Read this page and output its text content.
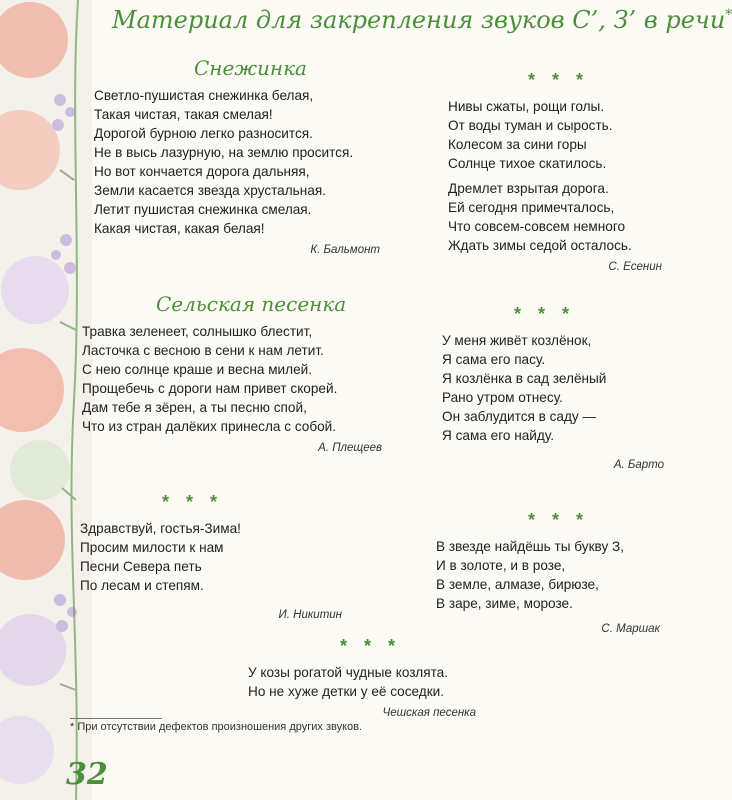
Материал для закрепления звуков С’, З’ в речи*
Снежинка
Светло-пушистая снежинка белая,
Такая чистая, такая смелая!
Дорогой бурною легко разносится.
Не в высь лазурную, на землю просится.
Но вот кончается дорога дальняя,
Земли касается звезда хрустальная.
Летит пушистая снежинка смелая.
Какая чистая, какая белая!
К. Бальмонт
* * *
Нивы сжаты, рощи голы.
От воды туман и сырость.
Колесом за сини горы
Солнце тихое скатилось.
Дремлет взрытая дорога.
Ей сегодня примечталось,
Что совсем-совсем немного
Ждать зимы седой осталось.
С. Есенин
Сельская песенка
Травка зеленеет, солнышко блестит,
Ласточка с весною в сени к нам летит.
С нею солнце краше и весна милей.
Прощебечь с дороги нам привет скорей.
Дам тебе я зёрен, а ты песню спой,
Что из стран далёких принесла с собой.
А. Плещеев
* * *
У меня живёт козлёнок,
Я сама его пасу.
Я козлёнка в сад зелёный
Рано утром отнесу.
Он заблудится в саду —
Я сама его найду.
А. Барто
* * *
Здравствуй, гостья-Зима!
Просим милости к нам
Песни Севера петь
По лесам и степям.
И. Никитин
* * *
В звезде найдёшь ты букву З,
И в золоте, и в розе,
В земле, алмазе, бирюзе,
В заре, зиме, морозе.
С. Маршак
* * *
У козы рогатой чудные козлята.
Но не хуже детки у её соседки.
Чешская песенка
* При отсутствии дефектов произношения других звуков.
32
